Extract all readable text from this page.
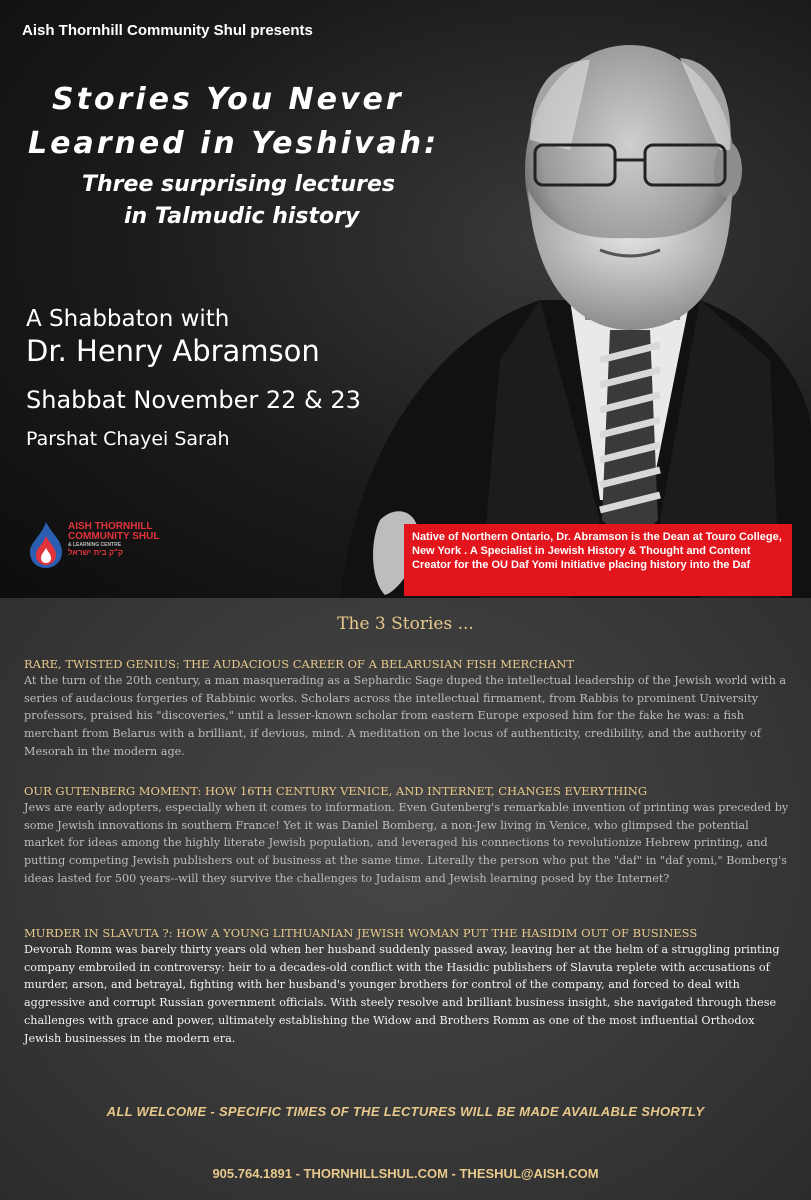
Aish Thornhill Community Shul presents
Stories You Never
Learned in Yeshivah:
Three surprising lectures
in Talmudic history
A Shabbaton with
Dr. Henry Abramson
Shabbat November 22 & 23
Parshat Chayei Sarah
AISH THORNHILL
COMMUNITY SHUL
& LEARNING CENTRE
ק"ק בית ישראל
Native of Northern Ontario, Dr. Abramson is the Dean at Touro College, New York . A Specialist in Jewish History & Thought and Content Creator for the OU Daf Yomi Initiative placing history into the Daf
The 3 Stories ...
RARE, TWISTED GENIUS: THE AUDACIOUS CAREER OF A BELARUSIAN FISH MERCHANT
At the turn of the 20th century, a man masquerading as a Sephardic Sage duped the intellectual leadership of the Jewish world with a series of audacious forgeries of Rabbinic works. Scholars across the intellectual firmament, from Rabbis to prominent University professors, praised his "discoveries," until a lesser-known scholar from eastern Europe exposed him for the fake he was: a fish merchant from Belarus with a brilliant, if devious, mind. A meditation on the locus of authenticity, credibility, and the authority of Mesorah in the modern age.
OUR GUTENBERG MOMENT: HOW 16TH CENTURY VENICE, AND INTERNET, CHANGES EVERYTHING
Jews are early adopters, especially when it comes to information. Even Gutenberg's remarkable invention of printing was preceded by some Jewish innovations in southern France! Yet it was Daniel Bomberg, a non-Jew living in Venice, who glimpsed the potential market for ideas among the highly literate Jewish population, and leveraged his connections to revolutionize Hebrew printing, and putting competing Jewish publishers out of business at the same time. Literally the person who put the "daf" in "daf yomi," Bomberg's ideas lasted for 500 years--will they survive the challenges to Judaism and Jewish learning posed by the Internet?
MURDER IN SLAVUTA ?: HOW A YOUNG LITHUANIAN JEWISH WOMAN PUT THE HASIDIM OUT OF BUSINESS
Devorah Romm was barely thirty years old when her husband suddenly passed away, leaving her at the helm of a struggling printing company embroiled in controversy: heir to a decades-old conflict with the Hasidic publishers of Slavuta replete with accusations of murder, arson, and betrayal, fighting with her husband's younger brothers for control of the company, and forced to deal with aggressive and corrupt Russian government officials. With steely resolve and brilliant business insight, she navigated through these challenges with grace and power, ultimately establishing the Widow and Brothers Romm as one of the most influential Orthodox Jewish businesses in the modern era.
ALL WELCOME - SPECIFIC TIMES OF THE LECTURES WILL BE MADE AVAILABLE SHORTLY
905.764.1891 - THORNHILLSHUL.COM - THESHUL@AISH.COM
